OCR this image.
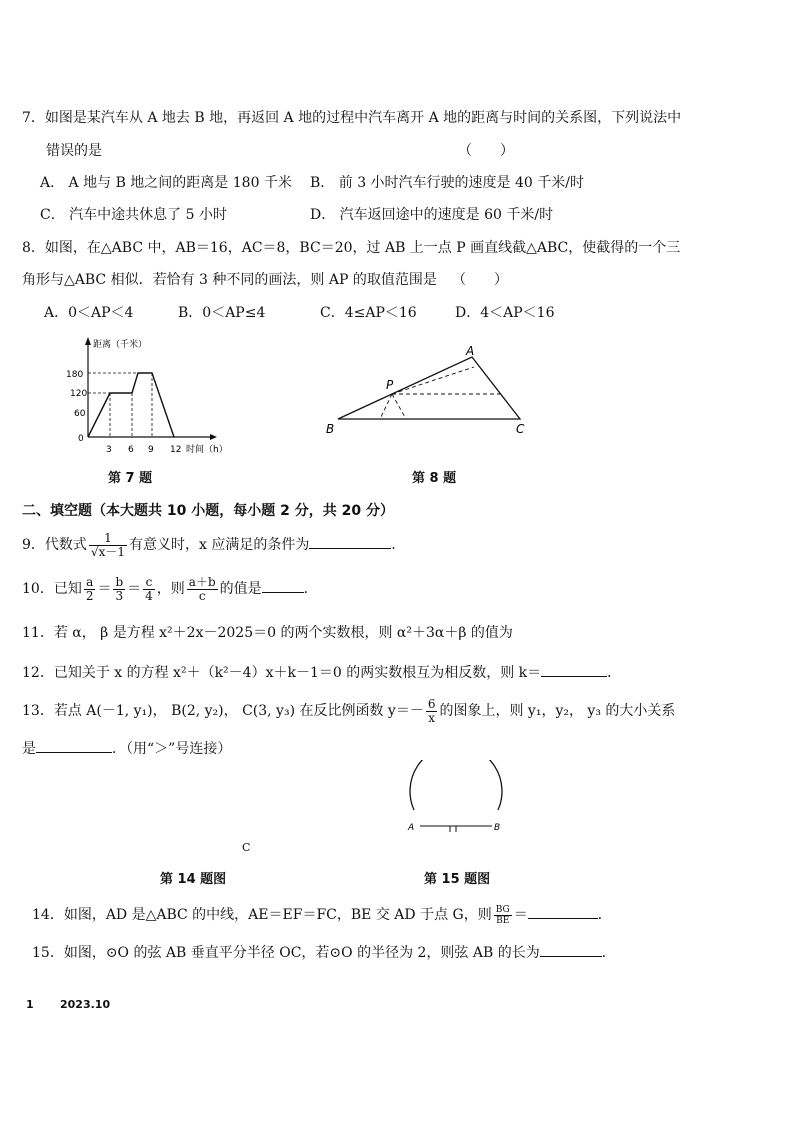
7．如图是某汽车从 A 地去 B 地，再返回 A 地的过程中汽车离开 A 地的距离与时间的关系图，下列说法中
错误的是	（　　）
A． A 地与 B 地之间的距离是 180 千米 B． 前 3 小时汽车行驶的速度是 40 千米/时
C． 汽车中途共休息了 5 小时	D． 汽车返回途中的速度是 60 千米/时
8．如图，在△ABC 中，AB＝16，AC＝8，BC＝20，过 AB 上一点 P 画直线截△ABC，使截得的一个三
角形与△ABC 相似．若恰有 3 种不同的画法，则 AP 的取值范围是 （　　）
A．0＜AP＜4	B．0＜AP≤4	C．4≤AP＜16	D．4＜AP＜16
距离（千米）
时间（h）
0
180
120
60
3 6 9 12
第 7 题
A
B	C
P
第 8 题
二、填空题（本大题共 10 小题，每小题 2 分，共 20 分）
9．代数式 $\frac{1}{√x-1}$ 有意义时，x 应满足的条件为	．
10．已知 $\frac{a}{2} = \frac{b}{3} = \frac{c}{4}$ ，则 $\frac{a+b}{c}$ 的值是	．
11．若 α， β 是方程 x²＋2x－2025＝0 的两个实数根，则 α²＋3α＋β 的值为
12．已知关于 x 的方程 x²＋（k²－4）x＋k－1＝0 的两实数根互为相反数，则 k＝	．
13．若点 A(－1, y₁)， B(2, y₂)， C(3, y₃) 在反比例函数 $y=- \frac{6}{x}$ 的图象上，则 y₁，y₂， y₃ 的大小关系
是	．（用“＞”号连接）
A	B
C
第 14 题图	第 15 题图
14．如图，AD 是△ABC 的中线，AE＝EF＝FC，BE 交 AD 于点 G，则 $\frac{BG}{BE}$ ＝	．
15．如图，⊙O 的弦 AB 垂直平分半径 OC，若⊙O 的半径为 2，则弦 AB 的长为	．
1 2023.10
